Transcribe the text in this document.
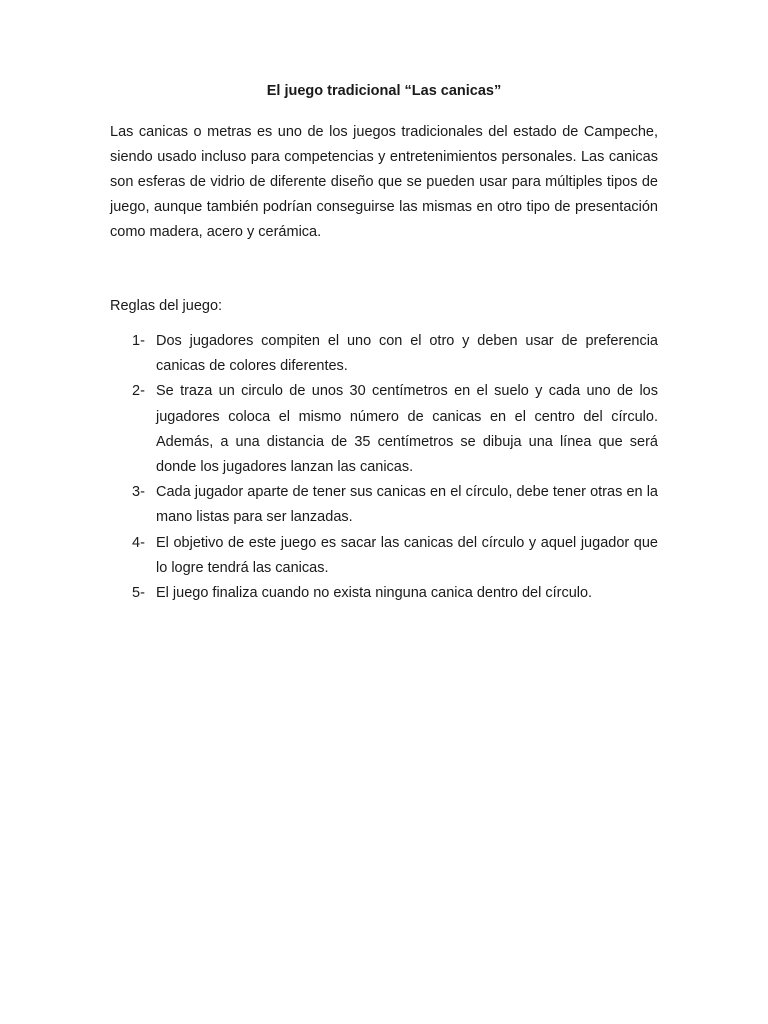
El juego tradicional “Las canicas”

Las canicas o metras es uno de los juegos tradicionales del estado de Campeche, siendo usado incluso para competencias y entretenimientos personales. Las canicas son esferas de vidrio de diferente diseño que se pueden usar para múltiples tipos de juego, aunque también podrían conseguirse las mismas en otro tipo de presentación como madera, acero y cerámica.

Reglas del juego:

1- Dos jugadores compiten el uno con el otro y deben usar de preferencia canicas de colores diferentes.
2- Se traza un circulo de unos 30 centímetros en el suelo y cada uno de los jugadores coloca el mismo número de canicas en el centro del círculo. Además, a una distancia de 35 centímetros se dibuja una línea que será donde los jugadores lanzan las canicas.
3- Cada jugador aparte de tener sus canicas en el círculo, debe tener otras en la mano listas para ser lanzadas.
4- El objetivo de este juego es sacar las canicas del círculo y aquel jugador que lo logre tendrá las canicas.
5- El juego finaliza cuando no exista ninguna canica dentro del círculo.
